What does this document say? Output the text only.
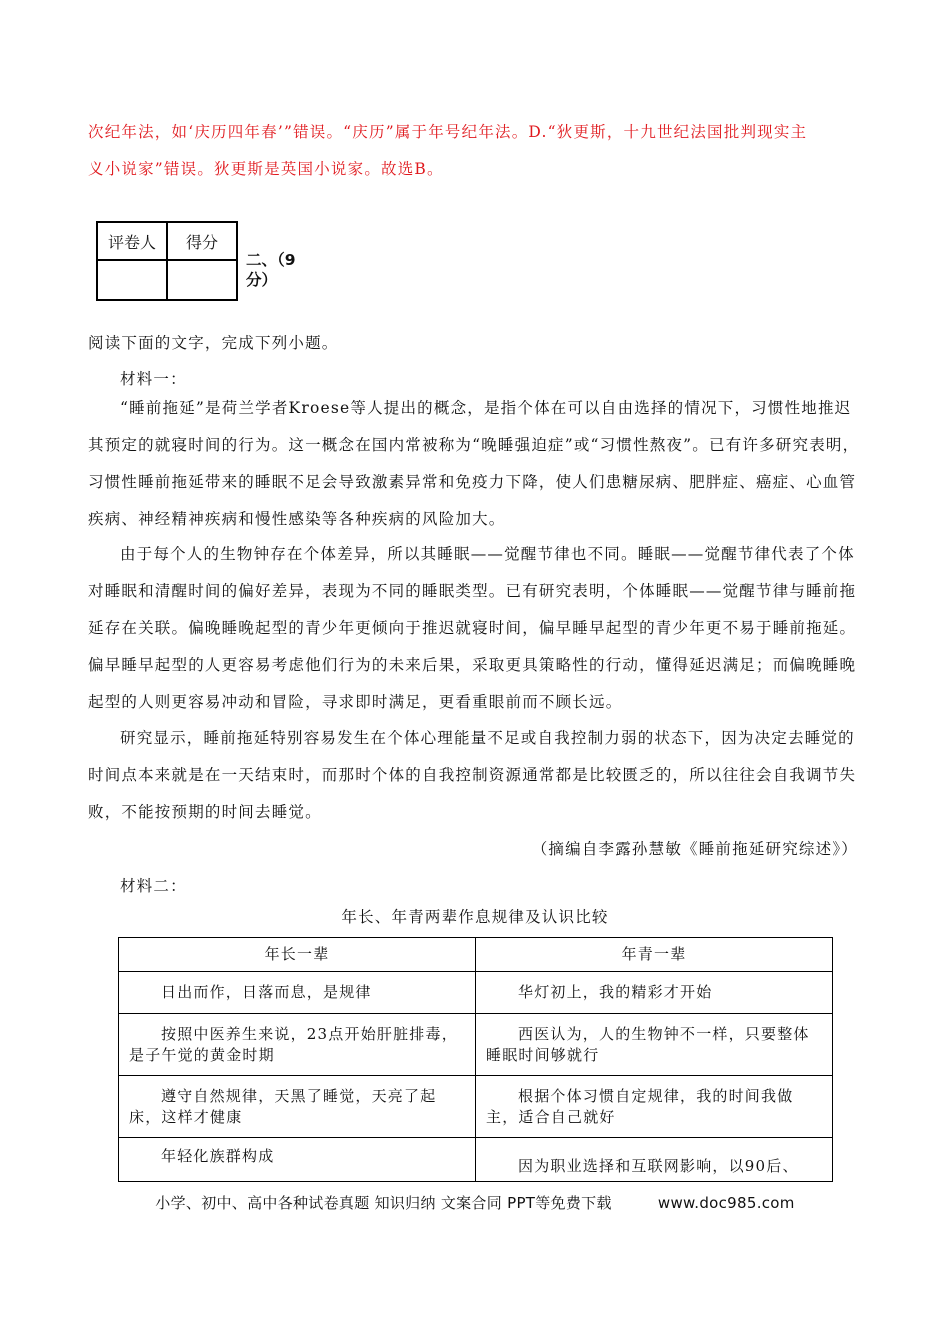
次纪年法，如‘庆历四年春’”错误。“庆历”属于年号纪年法。D.“狄更斯，十九世纪法国批判现实主
义小说家”错误。狄更斯是英国小说家。故选B。
评卷人	得分

二、（9分）
阅读下面的文字，完成下列小题。
材料一：

“睡前拖延”是荷兰学者Kroese等人提出的概念，是指个体在可以自由选择的情况下，习惯性地推迟其预定的就寝时间的行为。这一概念在国内常被称为“晚睡强迫症”或“习惯性熬夜”。已有许多研究表明，习惯性睡前拖延带来的睡眠不足会导致激素异常和免疫力下降，使人们患糖尿病、肥胖症、癌症、心血管疾病、神经精神疾病和慢性感染等各种疾病的风险加大。

由于每个人的生物钟存在个体差异，所以其睡眠——觉醒节律也不同。睡眠——觉醒节律代表了个体对睡眠和清醒时间的偏好差异，表现为不同的睡眠类型。已有研究表明，个体睡眠——觉醒节律与睡前拖延存在关联。偏晚睡晚起型的青少年更倾向于推迟就寝时间，偏早睡早起型的青少年更不易于睡前拖延。偏早睡早起型的人更容易考虑他们行为的未来后果，采取更具策略性的行动，懂得延迟满足；而偏晚睡晚起型的人则更容易冲动和冒险，寻求即时满足，更看重眼前而不顾长远。

研究显示，睡前拖延特别容易发生在个体心理能量不足或自我控制力弱的状态下，因为决定去睡觉的时间点本来就是在一天结束时，而那时个体的自我控制资源通常都是比较匮乏的，所以往往会自我调节失败，不能按预期的时间去睡觉。

（摘编自李露孙慧敏《睡前拖延研究综述》）
材料二：
年长、年青两辈作息规律及认识比较
年长一辈	年青一辈
日出而作，日落而息，是规律	华灯初上，我的精彩才开始
按照中医养生来说，23点开始肝脏排毒，是子午觉的黄金时期	西医认为，人的生物钟不一样，只要整体睡眠时间够就行
遵守自然规律，天黑了睡觉，天亮了起床，这样才健康	根据个体习惯自定规律，我的时间我做主，适合自己就好
年轻化族群构成	因为职业选择和互联网影响，以90后、
小学、初中、高中各种试卷真题 知识归纳 文案合同 PPT等免费下载	www.doc985.com
